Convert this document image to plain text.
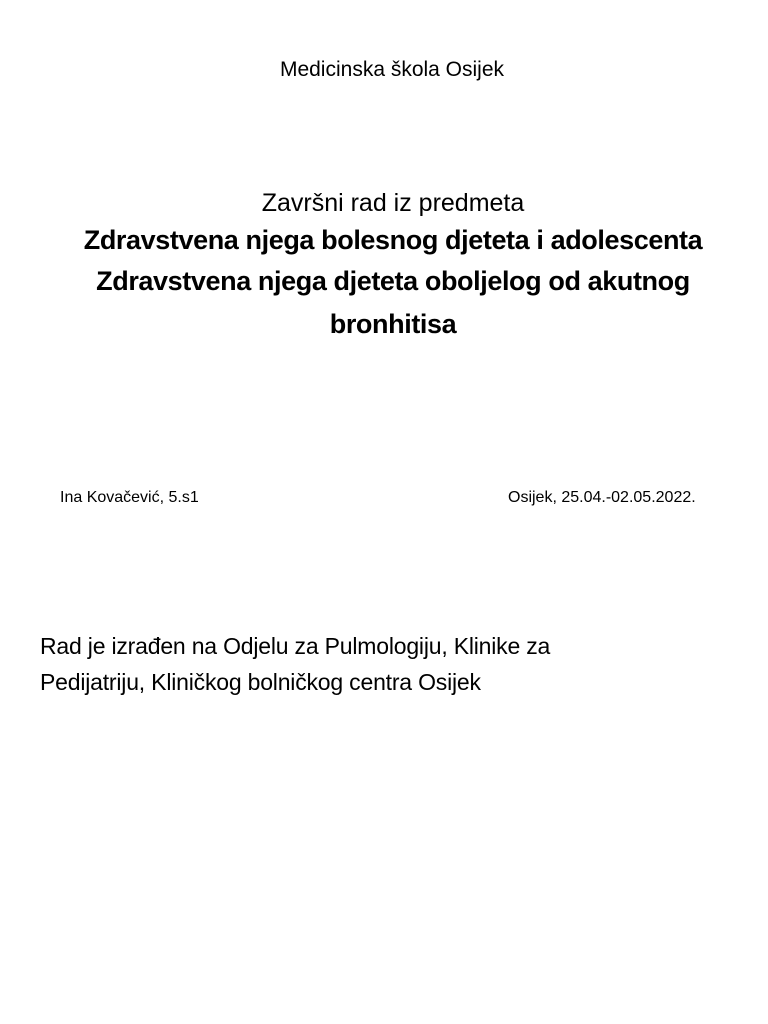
Medicinska škola Osijek
Završni rad iz predmeta
Zdravstvena njega bolesnog djeteta i adolescenta
Zdravstvena njega djeteta oboljelog od akutnog
bronhitisa
Ina Kovačević, 5.s1	Osijek, 25.04.-02.05.2022.
Rad je izrađen na Odjelu za Pulmologiju, Klinike za
Pedijatriju, Kliničkog bolničkog centra Osijek
